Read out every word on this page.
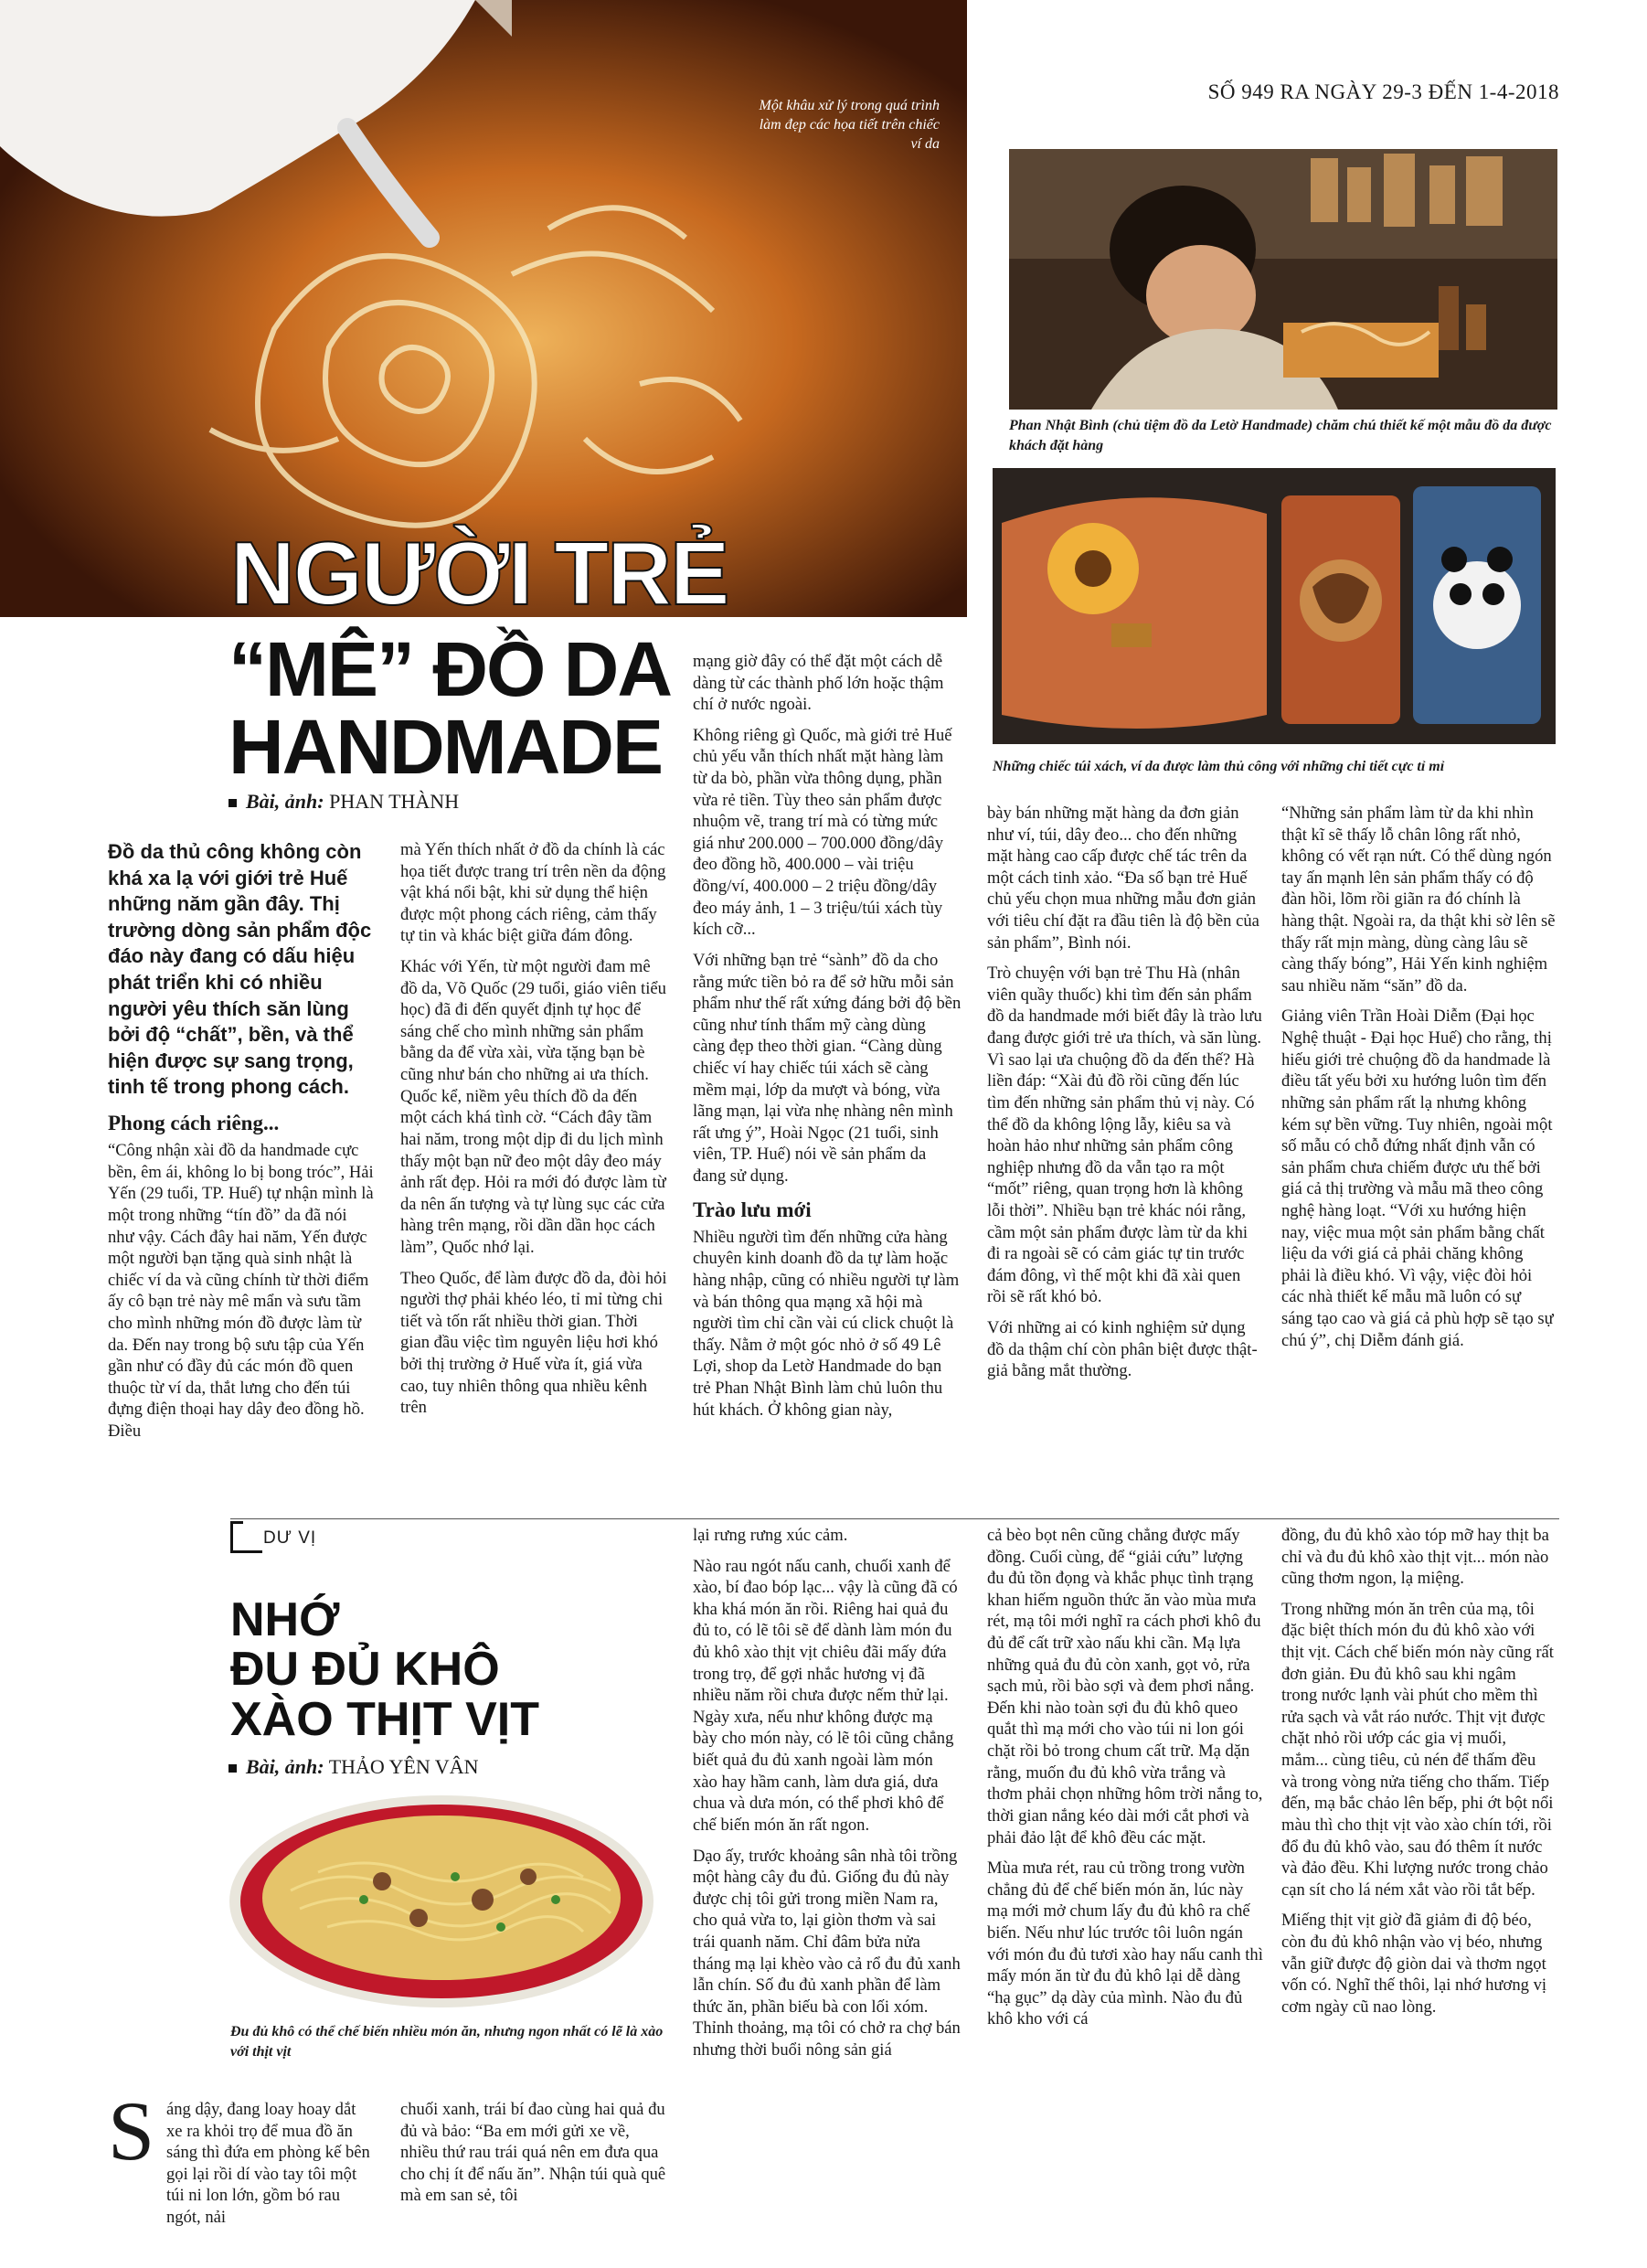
SỐ 949 RA NGÀY 29-3 ĐẾN 1-4-2018
Một khâu xử lý trong quá trình làm đẹp các họa tiết trên chiếc ví da
NGƯỜI TRẺ
“MÊ” ĐỒ DA
HANDMADE
Bài, ảnh: PHAN THÀNH
Phan Nhật Bình (chủ tiệm đồ da Letờ Handmade) chăm chú thiết kế một mẫu đồ da được khách đặt hàng
Những chiếc túi xách, ví da được làm thủ công với những chi tiết cực tỉ mỉ

Đồ da thủ công không còn khá xa lạ với giới trẻ Huế những năm gần đây. Thị trường dòng sản phẩm độc đáo này đang có dấu hiệu phát triển khi có nhiều người yêu thích săn lùng bởi độ “chất”, bền, và thể hiện được sự sang trọng, tinh tế trong phong cách.

Phong cách riêng...

“Công nhận xài đồ da handmade cực bền, êm ái, không lo bị bong tróc”, Hải Yến (29 tuổi, TP. Huế) tự nhận mình là một trong những “tín đồ” da đã nói như vậy. Cách đây hai năm, Yến được một người bạn tặng quà sinh nhật là chiếc ví da và cũng chính từ thời điểm ấy cô bạn trẻ này mê mẩn và sưu tầm cho mình những món đồ được làm từ da. Đến nay trong bộ sưu tập của Yến gần như có đầy đủ các món đồ quen thuộc từ ví da, thắt lưng cho đến túi đựng điện thoại hay dây đeo đồng hồ. Điều

mà Yến thích nhất ở đồ da chính là các họa tiết được trang trí trên nền da động vật khá nổi bật, khi sử dụng thể hiện được một phong cách riêng, cảm thấy tự tin và khác biệt giữa đám đông.

Khác với Yến, từ một người đam mê đồ da, Võ Quốc (29 tuổi, giáo viên tiểu học) đã đi đến quyết định tự học để sáng chế cho mình những sản phẩm bằng da để vừa xài, vừa tặng bạn bè cũng như bán cho những ai ưa thích. Quốc kể, niềm yêu thích đồ da đến một cách khá tình cờ. “Cách đây tầm hai năm, trong một dịp đi du lịch mình thấy một bạn nữ đeo một dây đeo máy ảnh rất đẹp. Hỏi ra mới đó được làm từ da nên ấn tượng và tự lùng sục các cửa hàng trên mạng, rồi dần dần học cách làm”, Quốc nhớ lại.

Theo Quốc, để làm được đồ da, đòi hỏi người thợ phải khéo léo, tỉ mỉ từng chi tiết và tốn rất nhiều thời gian. Thời gian đầu việc tìm nguyên liệu hơi khó bởi thị trường ở Huế vừa ít, giá vừa cao, tuy nhiên thông qua nhiều kênh trên

mạng giờ đây có thể đặt một cách dễ dàng từ các thành phố lớn hoặc thậm chí ở nước ngoài.

Không riêng gì Quốc, mà giới trẻ Huế chủ yếu vẫn thích nhất mặt hàng làm từ da bò, phần vừa thông dụng, phần vừa rẻ tiền. Tùy theo sản phẩm được nhuộm vẽ, trang trí mà có từng mức giá như 200.000 – 700.000 đồng/dây đeo đồng hồ, 400.000 – vài triệu đồng/ví, 400.000 – 2 triệu đồng/dây đeo máy ảnh, 1 – 3 triệu/túi xách tùy kích cỡ...

Với những bạn trẻ “sành” đồ da cho rằng mức tiền bỏ ra để sở hữu mỗi sản phẩm như thế rất xứng đáng bởi độ bền cũng như tính thẩm mỹ càng dùng càng đẹp theo thời gian. “Càng dùng chiếc ví hay chiếc túi xách sẽ càng mềm mại, lớp da mượt và bóng, vừa lãng mạn, lại vừa nhẹ nhàng nên mình rất ưng ý”, Hoài Ngọc (21 tuổi, sinh viên, TP. Huế) nói về sản phẩm da đang sử dụng.

Trào lưu mới

Nhiều người tìm đến những cửa hàng chuyên kinh doanh đồ da tự làm hoặc hàng nhập, cũng có nhiều người tự làm và bán thông qua mạng xã hội mà người tìm chỉ cần vài cú click chuột là thấy. Nằm ở một góc nhỏ ở số 49 Lê Lợi, shop da Letờ Handmade do bạn trẻ Phan Nhật Bình làm chủ luôn thu hút khách. Ở không gian này,

bày bán những mặt hàng da đơn giản như ví, túi, dây đeo... cho đến những mặt hàng cao cấp được chế tác trên da một cách tinh xảo. “Đa số bạn trẻ Huế chủ yếu chọn mua những mẫu đơn giản với tiêu chí đặt ra đầu tiên là độ bền của sản phẩm”, Bình nói.

Trò chuyện với bạn trẻ Thu Hà (nhân viên quầy thuốc) khi tìm đến sản phẩm đồ da handmade mới biết đây là trào lưu đang được giới trẻ ưa thích, và săn lùng. Vì sao lại ưa chuộng đồ da đến thế? Hà liền đáp: “Xài đủ đồ rồi cũng đến lúc tìm đến những sản phẩm thủ vị này. Có thể đồ da không lộng lẫy, kiêu sa và hoàn hảo như những sản phẩm công nghiệp nhưng đồ da vẫn tạo ra một “mốt” riêng, quan trọng hơn là không lỗi thời”. Nhiều bạn trẻ khác nói rằng, cầm một sản phẩm được làm từ da khi đi ra ngoài sẽ có cảm giác tự tin trước đám đông, vì thế một khi đã xài quen rồi sẽ rất khó bỏ.

Với những ai có kinh nghiệm sử dụng đồ da thậm chí còn phân biệt được thật-giả bằng mắt thường.

“Những sản phẩm làm từ da khi nhìn thật kĩ sẽ thấy lỗ chân lông rất nhỏ, không có vết rạn nứt. Có thể dùng ngón tay ấn mạnh lên sản phẩm thấy có độ đàn hồi, lõm rồi giãn ra đó chính là hàng thật. Ngoài ra, da thật khi sờ lên sẽ thấy rất mịn màng, dùng càng lâu sẽ càng thấy bóng”, Hải Yến kinh nghiệm sau nhiều năm “săn” đồ da.

Giảng viên Trần Hoài Diễm (Đại học Nghệ thuật - Đại học Huế) cho rằng, thị hiếu giới trẻ chuộng đồ da handmade là điều tất yếu bởi xu hướng luôn tìm đến những sản phẩm rất lạ nhưng không kém sự bền vững. Tuy nhiên, ngoài một số mẫu có chỗ đứng nhất định vẫn có sản phẩm chưa chiếm được ưu thế bởi giá cả thị trường và mẫu mã theo công nghệ hàng loạt. “Với xu hướng hiện nay, việc mua một sản phẩm bằng chất liệu da với giá cả phải chăng không phải là điều khó. Vì vậy, việc đòi hỏi các nhà thiết kế mẫu mã luôn có sự sáng tạo cao và giá cả phù hợp sẽ tạo sự chú ý”, chị Diễm đánh giá.

DƯ VỊ
NHỚ
ĐU ĐỦ KHÔ
XÀO THỊT VỊT
Bài, ảnh: THẢO YÊN VÂN
Đu đủ khô có thể chế biến nhiều món ăn, nhưng ngon nhất có lẽ là xào với thịt vịt
S áng dậy, đang loay hoay dắt xe ra khỏi trọ để mua đồ ăn sáng thì đứa em phòng kế bên gọi lại rồi dí vào tay tôi một túi ni lon lớn, gồm bó rau ngót, nải

chuối xanh, trái bí đao cùng hai quả đu đủ và bảo: “Ba em mới gửi xe về, nhiều thứ rau trái quá nên em đưa qua cho chị ít để nấu ăn”. Nhận túi quà quê mà em san sẻ, tôi

lại rưng rưng xúc cảm.

Nào rau ngót nấu canh, chuối xanh để xào, bí đao bóp lạc... vậy là cũng đã có kha khá món ăn rồi. Riêng hai quả đu đủ to, có lẽ tôi sẽ để dành làm món đu đủ khô xào thịt vịt chiêu đãi mấy đứa trong trọ, để gợi nhắc hương vị đã nhiều năm rồi chưa được nếm thử lại. Ngày xưa, nếu như không được mạ bày cho món này, có lẽ tôi cũng chẳng biết quả đu đủ xanh ngoài làm món xào hay hầm canh, làm dưa giá, dưa chua và dưa món, có thể phơi khô để chế biến món ăn rất ngon.

Dạo ấy, trước khoảng sân nhà tôi trồng một hàng cây đu đủ. Giống đu đủ này được chị tôi gửi trong miền Nam ra, cho quả vừa to, lại giòn thơm và sai trái quanh năm. Chỉ đâm bửa nửa tháng mạ lại khèo vào cả rổ đu đủ xanh lẫn chín. Số đu đủ xanh phần để làm thức ăn, phần biếu bà con lối xóm. Thỉnh thoảng, mạ tôi có chở ra chợ bán nhưng thời buổi nông sản giá

cả bèo bọt nên cũng chẳng được mấy đồng. Cuối cùng, để “giải cứu” lượng đu đủ tồn đọng và khắc phục tình trạng khan hiếm nguồn thức ăn vào mùa mưa rét, mạ tôi mới nghĩ ra cách phơi khô đu đủ để cất trữ xào nấu khi cần. Mạ lựa những quả đu đủ còn xanh, gọt vỏ, rửa sạch mủ, rồi bào sợi và đem phơi nắng. Đến khi nào toàn sợi đu đủ khô queo quắt thì mạ mới cho vào túi ni lon gói chặt rồi bỏ trong chum cất trữ. Mạ dặn rằng, muốn đu đủ khô vừa trắng và thơm phải chọn những hôm trời nắng to, thời gian nắng kéo dài mới cắt phơi và phải đảo lật để khô đều các mặt.

Mùa mưa rét, rau củ trồng trong vườn chẳng đủ để chế biến món ăn, lúc này mạ mới mở chum lấy đu đủ khô ra chế biến. Nếu như lúc trước tôi luôn ngán với món đu đủ tươi xào hay nấu canh thì mấy món ăn từ đu đủ khô lại dễ dàng “hạ gục” dạ dày của mình. Nào đu đủ khô kho với cá

đồng, đu đủ khô xào tóp mỡ hay thịt ba chỉ và đu đủ khô xào thịt vịt... món nào cũng thơm ngon, lạ miệng.

Trong những món ăn trên của mạ, tôi đặc biệt thích món đu đủ khô xào với thịt vịt. Cách chế biến món này cũng rất đơn giản. Đu đủ khô sau khi ngâm trong nước lạnh vài phút cho mềm thì rửa sạch và vắt ráo nước. Thịt vịt được chặt nhỏ rồi ướp các gia vị muối, mắm... cùng tiêu, củ nén để thấm đều và trong vòng nửa tiếng cho thấm. Tiếp đến, mạ bắc chảo lên bếp, phi ớt bột nổi màu thì cho thịt vịt vào xào chín tới, rồi đổ đu đủ khô vào, sau đó thêm ít nước và đảo đều. Khi lượng nước trong chảo cạn sít cho lá ném xắt vào rồi tắt bếp.

Miếng thịt vịt giờ đã giảm đi độ béo, còn đu đủ khô nhận vào vị béo, nhưng vẫn giữ được độ giòn dai và thơm ngọt vốn có. Nghĩ thế thôi, lại nhớ hương vị cơm ngày cũ nao lòng.
